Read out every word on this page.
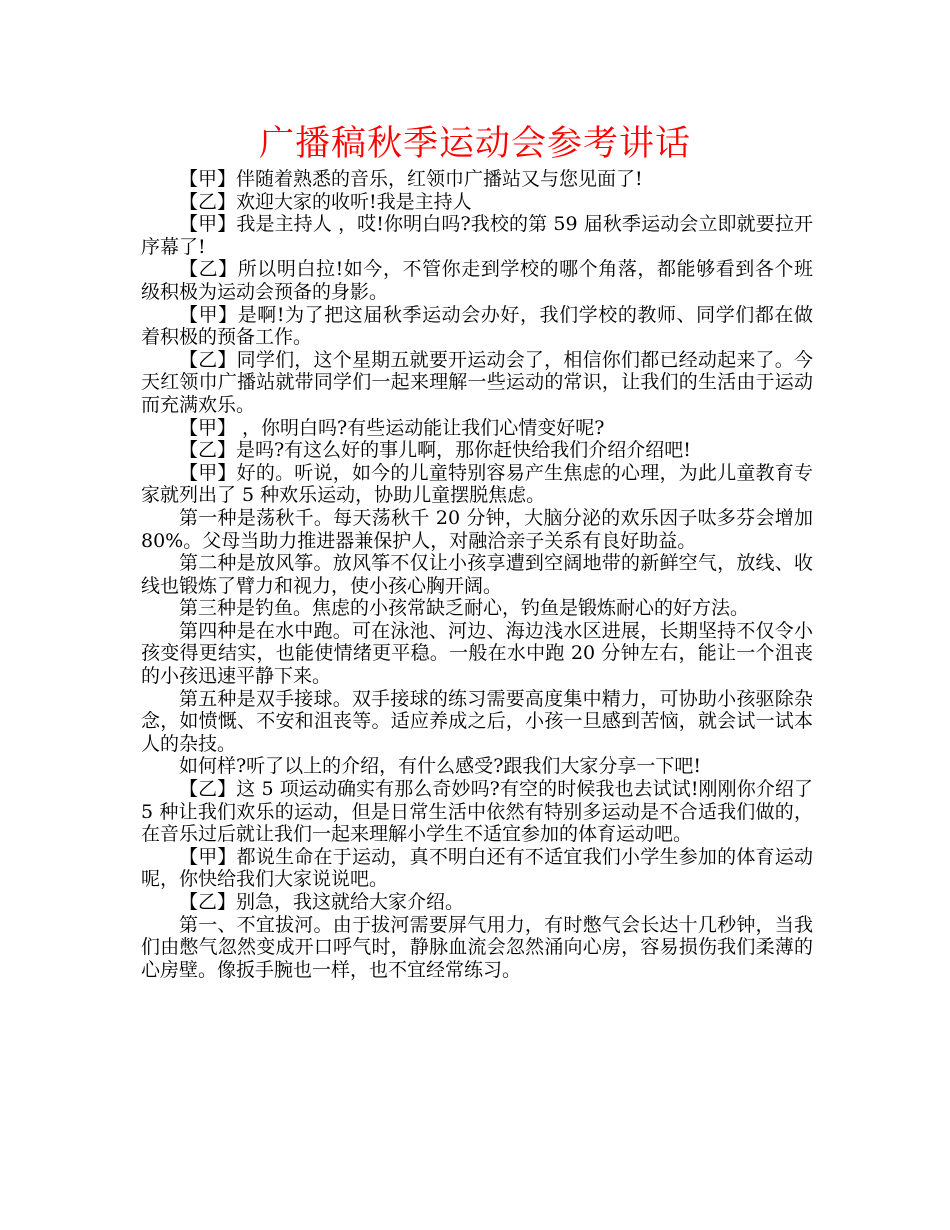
广播稿秋季运动会参考讲话

【甲】伴随着熟悉的音乐，红领巾广播站又与您见面了!

【乙】欢迎大家的收听!我是主持人

【甲】我是主持人 ，哎!你明白吗?我校的第 59 届秋季运动会立即就要拉开序幕了!

【乙】所以明白拉!如今，不管你走到学校的哪个角落，都能够看到各个班级积极为运动会预备的身影。

【甲】是啊!为了把这届秋季运动会办好，我们学校的教师、同学们都在做着积极的预备工作。

【乙】同学们，这个星期五就要开运动会了，相信你们都已经动起来了。今天红领巾广播站就带同学们一起来理解一些运动的常识，让我们的生活由于运动而充满欢乐。

【甲】 ，你明白吗?有些运动能让我们心情变好呢?

【乙】是吗?有这么好的事儿啊，那你赶快给我们介绍介绍吧!

【甲】好的。听说，如今的儿童特别容易产生焦虑的心理，为此儿童教育专家就列出了 5 种欢乐运动，协助儿童摆脱焦虑。

第一种是荡秋千。每天荡秋千 20 分钟，大脑分泌的欢乐因子呔多芬会增加 80%。父母当助力推进器兼保护人，对融洽亲子关系有良好助益。

第二种是放风筝。放风筝不仅让小孩享遭到空阔地带的新鲜空气，放线、收线也锻炼了臂力和视力，使小孩心胸开阔。

第三种是钓鱼。焦虑的小孩常缺乏耐心，钓鱼是锻炼耐心的好方法。

第四种是在水中跑。可在泳池、河边、海边浅水区进展，长期坚持不仅令小孩变得更结实，也能使情绪更平稳。一般在水中跑 20 分钟左右，能让一个沮丧的小孩迅速平静下来。

第五种是双手接球。双手接球的练习需要高度集中精力，可协助小孩驱除杂念，如愤慨、不安和沮丧等。适应养成之后，小孩一旦感到苦恼，就会试一试本人的杂技。

如何样?听了以上的介绍，有什么感受?跟我们大家分享一下吧!

【乙】这 5 项运动确实有那么奇妙吗?有空的时候我也去试试!刚刚你介绍了 5 种让我们欢乐的运动，但是日常生活中依然有特别多运动是不合适我们做的，在音乐过后就让我们一起来理解小学生不适宜参加的体育运动吧。

【甲】都说生命在于运动，真不明白还有不适宜我们小学生参加的体育运动呢，你快给我们大家说说吧。

【乙】别急，我这就给大家介绍。

第一、不宜拔河。由于拔河需要屏气用力，有时憋气会长达十几秒钟，当我们由憋气忽然变成开口呼气时，静脉血流会忽然涌向心房，容易损伤我们柔薄的心房壁。像扳手腕也一样，也不宜经常练习。
